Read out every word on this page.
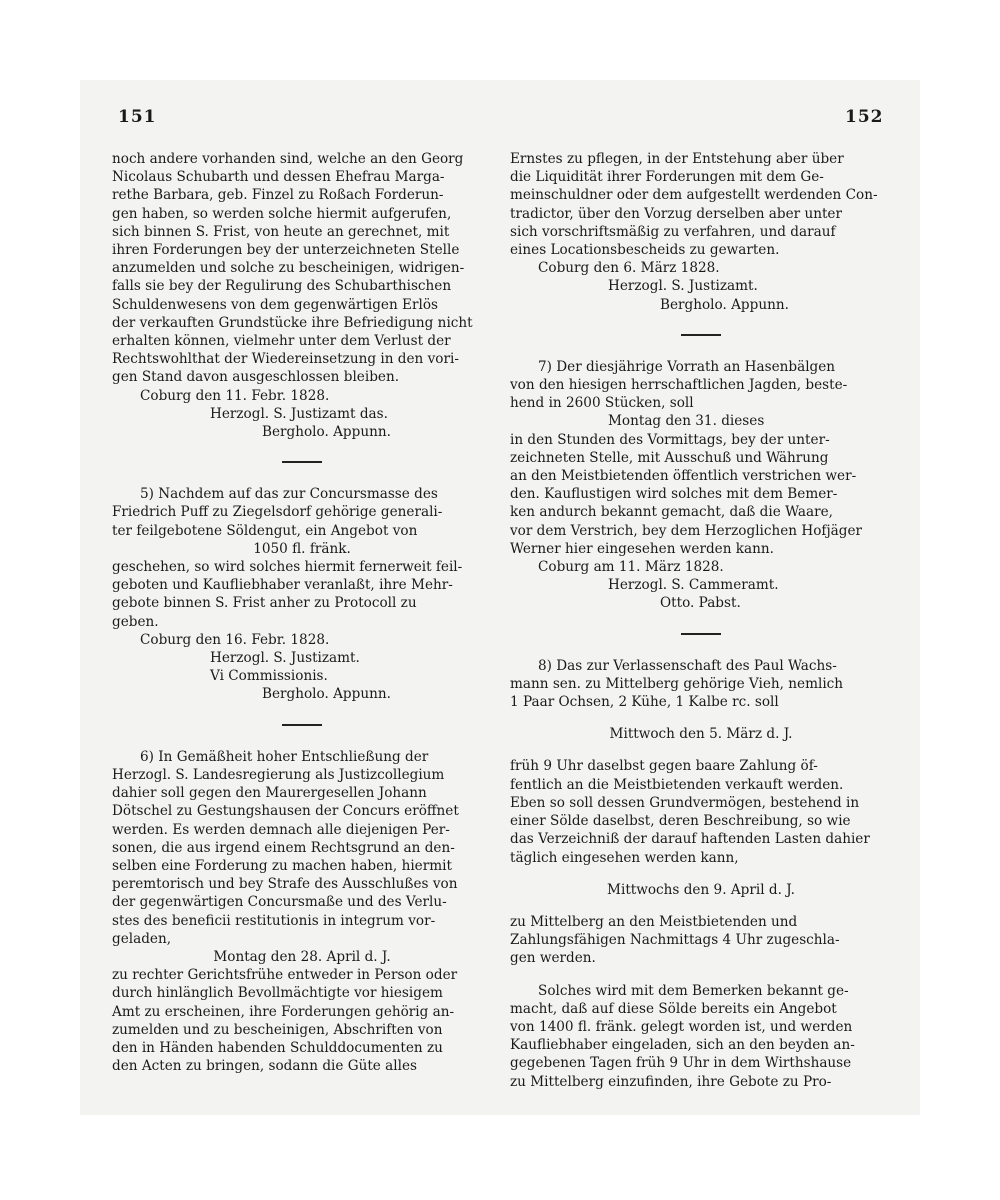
151	152
noch andere vorhanden sind, welche an den Georg
Nicolaus Schubarth und dessen Ehefrau Marga-
rethe Barbara, geb. Finzel zu Roßach Forderun-
gen haben, so werden solche hiermit aufgerufen,
sich binnen S. Frist, von heute an gerechnet, mit
ihren Forderungen bey der unterzeichneten Stelle
anzumelden und solche zu bescheinigen, widrigen-
falls sie bey der Regulirung des Schubarthischen
Schuldenwesens von dem gegenwärtigen Erlös
der verkauften Grundstücke ihre Befriedigung nicht
erhalten können, vielmehr unter dem Verlust der
Rechtswohlthat der Wiedereinsetzung in den vori-
gen Stand davon ausgeschlossen bleiben.
Coburg den 11. Febr. 1828.
Herzogl. S. Justizamt das.
Bergholo. Appunn.
5) Nachdem auf das zur Concursmasse des
Friedrich Puff zu Ziegelsdorf gehörige generali-
ter feilgebotene Söldengut, ein Angebot von
1050 fl. fränk.
geschehen, so wird solches hiermit fernerweit feil-
geboten und Kaufliebhaber veranlaßt, ihre Mehr-
gebote binnen S. Frist anher zu Protocoll zu
geben.
Coburg den 16. Febr. 1828.
Herzogl. S. Justizamt.
Vi Commissionis.
Bergholo. Appunn.
6) In Gemäßheit hoher Entschließung der
Herzogl. S. Landesregierung als Justizcollegium
dahier soll gegen den Maurergesellen Johann
Dötschel zu Gestungshausen der Concurs eröffnet
werden. Es werden demnach alle diejenigen Per-
sonen, die aus irgend einem Rechtsgrund an den-
selben eine Forderung zu machen haben, hiermit
peremtorisch und bey Strafe des Ausschlußes von
der gegenwärtigen Concursmaße und des Verlu-
stes des beneficii restitutionis in integrum vor-
geladen,
Montag den 28. April d. J.
zu rechter Gerichtsfrühe entweder in Person oder
durch hinlänglich Bevollmächtigte vor hiesigem
Amt zu erscheinen, ihre Forderungen gehörig an-
zumelden und zu bescheinigen, Abschriften von
den in Händen habenden Schulddocumenten zu
den Acten zu bringen, sodann die Güte alles
Ernstes zu pflegen, in der Entstehung aber über
die Liquidität ihrer Forderungen mit dem Ge-
meinschuldner oder dem aufgestellt werdenden Con-
tradictor, über den Vorzug derselben aber unter
sich vorschriftsmäßig zu verfahren, und darauf
eines Locationsbescheids zu gewarten.
Coburg den 6. März 1828.
Herzogl. S. Justizamt.
Bergholo. Appunn.
7) Der diesjährige Vorrath an Hasenbälgen
von den hiesigen herrschaftlichen Jagden, beste-
hend in 2600 Stücken, soll
Montag den 31. dieses
in den Stunden des Vormittags, bey der unter-
zeichneten Stelle, mit Ausschuß und Währung
an den Meistbietenden öffentlich verstrichen wer-
den. Kauflustigen wird solches mit dem Bemer-
ken andurch bekannt gemacht, daß die Waare,
vor dem Verstrich, bey dem Herzoglichen Hofjäger
Werner hier eingesehen werden kann.
Coburg am 11. März 1828.
Herzogl. S. Cammeramt.
Otto. Pabst.
8) Das zur Verlassenschaft des Paul Wachs-
mann sen. zu Mittelberg gehörige Vieh, nemlich
1 Paar Ochsen, 2 Kühe, 1 Kalbe rc. soll
Mittwoch den 5. März d. J.
früh 9 Uhr daselbst gegen baare Zahlung öf-
fentlich an die Meistbietenden verkauft werden.
Eben so soll dessen Grundvermögen, bestehend in
einer Sölde daselbst, deren Beschreibung, so wie
das Verzeichniß der darauf haftenden Lasten dahier
täglich eingesehen werden kann,
Mittwochs den 9. April d. J.
zu Mittelberg an den Meistbietenden und
Zahlungsfähigen Nachmittags 4 Uhr zugeschla-
gen werden.
Solches wird mit dem Bemerken bekannt ge-
macht, daß auf diese Sölde bereits ein Angebot
von 1400 fl. fränk. gelegt worden ist, und werden
Kaufliebhaber eingeladen, sich an den beyden an-
gegebenen Tagen früh 9 Uhr in dem Wirthshause
zu Mittelberg einzufinden, ihre Gebote zu Pro-
